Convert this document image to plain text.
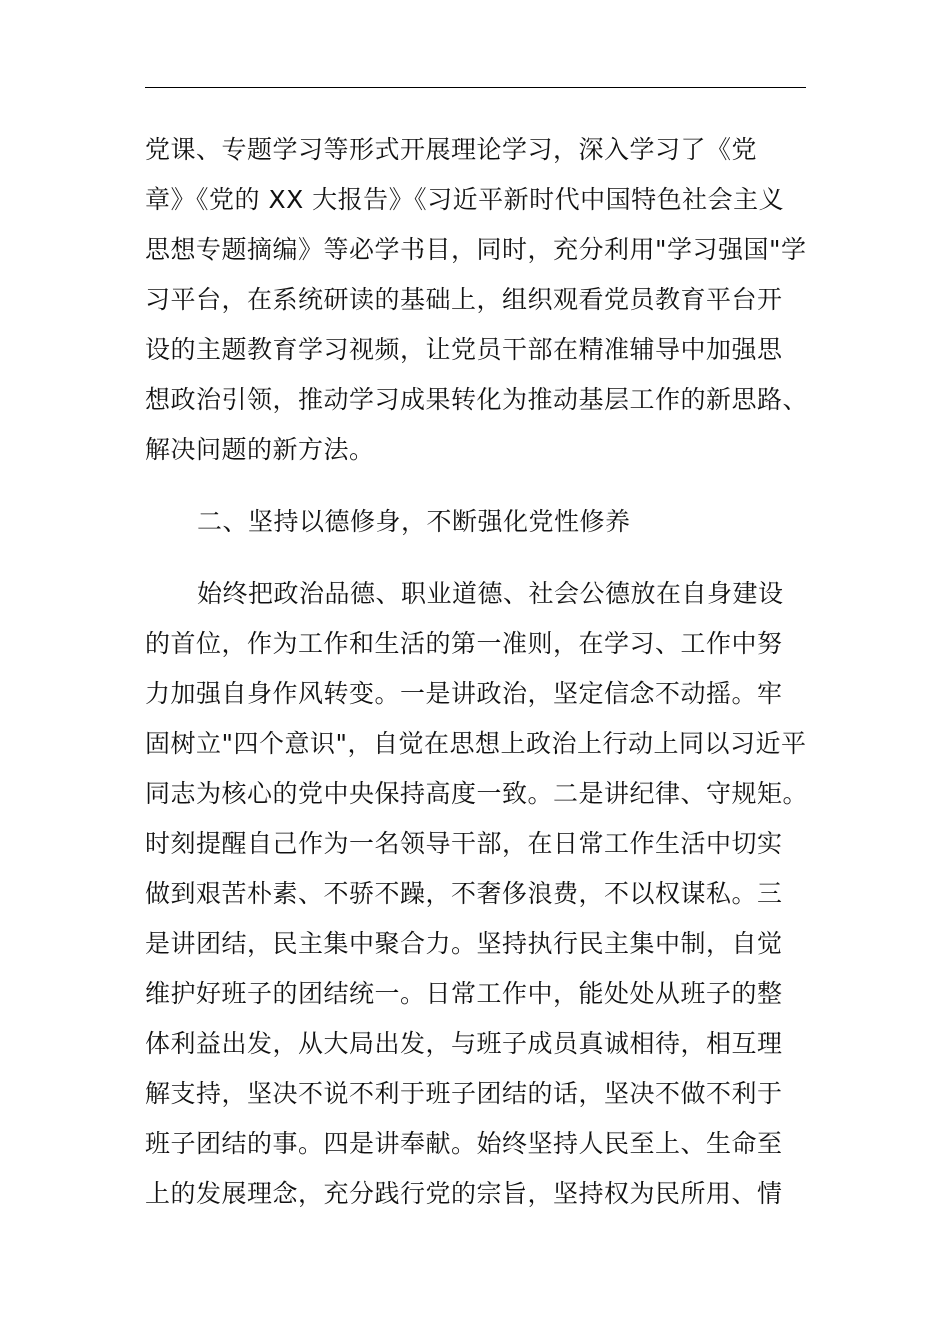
党课、专题学习等形式开展理论学习，深入学习了《党
章》《党的 XX 大报告》《习近平新时代中国特色社会主义
思想专题摘编》等必学书目，同时，充分利用"学习强国"学
习平台，在系统研读的基础上，组织观看党员教育平台开
设的主题教育学习视频，让党员干部在精准辅导中加强思
想政治引领，推动学习成果转化为推动基层工作的新思路、
解决问题的新方法。
二、坚持以德修身，不断强化党性修养
始终把政治品德、职业道德、社会公德放在自身建设
的首位，作为工作和生活的第一准则，在学习、工作中努
力加强自身作风转变。一是讲政治，坚定信念不动摇。牢
固树立"四个意识"，自觉在思想上政治上行动上同以习近平
同志为核心的党中央保持高度一致。二是讲纪律、守规矩。
时刻提醒自己作为一名领导干部，在日常工作生活中切实
做到艰苦朴素、不骄不躁，不奢侈浪费，不以权谋私。三
是讲团结，民主集中聚合力。坚持执行民主集中制，自觉
维护好班子的团结统一。日常工作中，能处处从班子的整
体利益出发，从大局出发，与班子成员真诚相待，相互理
解支持，坚决不说不利于班子团结的话，坚决不做不利于
班子团结的事。四是讲奉献。始终坚持人民至上、生命至
上的发展理念，充分践行党的宗旨，坚持权为民所用、情
